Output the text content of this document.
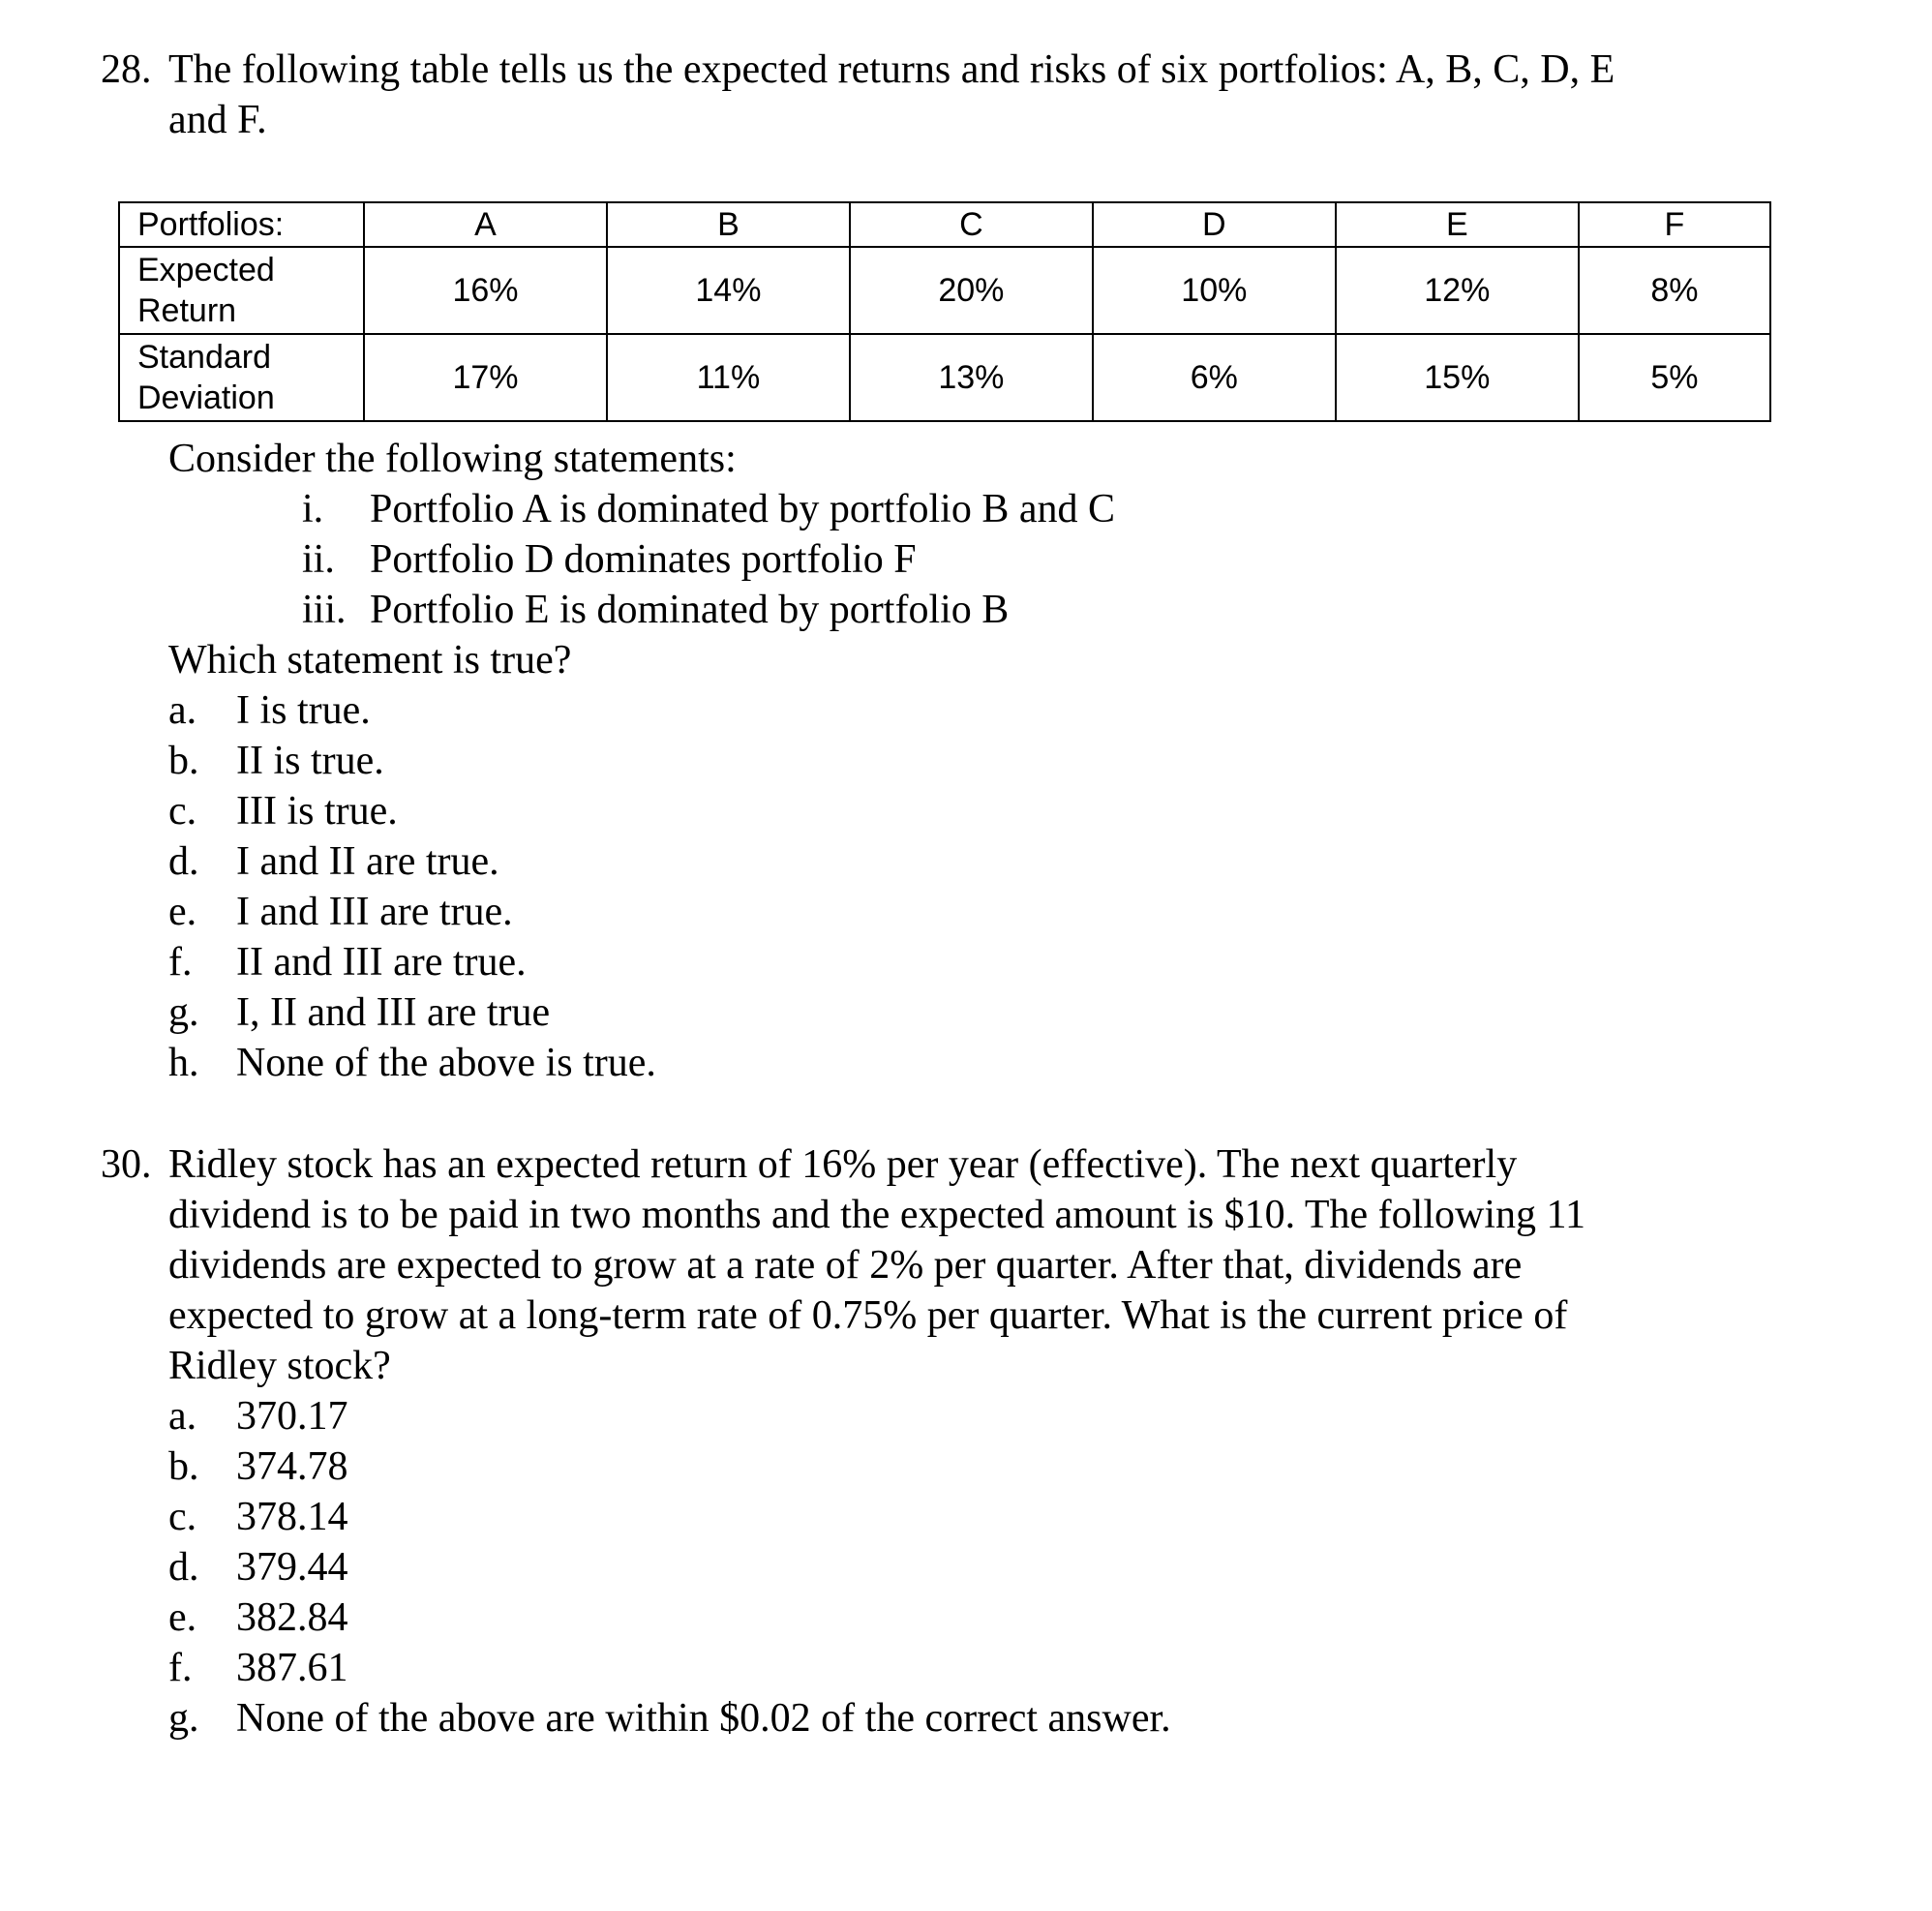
28. The following table tells us the expected returns and risks of six portfolios: A, B, C, D, E
and F.
Portfolios:	A	B	C	D	E	F

Expected
Return	16%	14%	20%	10%	12%	8%

Standard
Deviation	17%	11%	13%	6%	15%	5%

Consider the following statements:

i. Portfolio A is dominated by portfolio B and C

ii. Portfolio D dominates portfolio F

iii. Portfolio E is dominated by portfolio B

Which statement is true?

a. I is true.

b. II is true.

c. III is true.

d. I and II are true.

e. I and III are true.

f. II and III are true.

g. I, II and III are true

h. None of the above is true.

30. Ridley stock has an expected return of 16% per year (effective). The next quarterly
dividend is to be paid in two months and the expected amount is $10. The following 11
dividends are expected to grow at a rate of 2% per quarter. After that, dividends are
expected to grow at a long-term rate of 0.75% per quarter. What is the current price of
Ridley stock?

a. 370.17

b. 374.78

c. 378.14

d. 379.44

e. 382.84

f. 387.61

g. None of the above are within $0.02 of the correct answer.
